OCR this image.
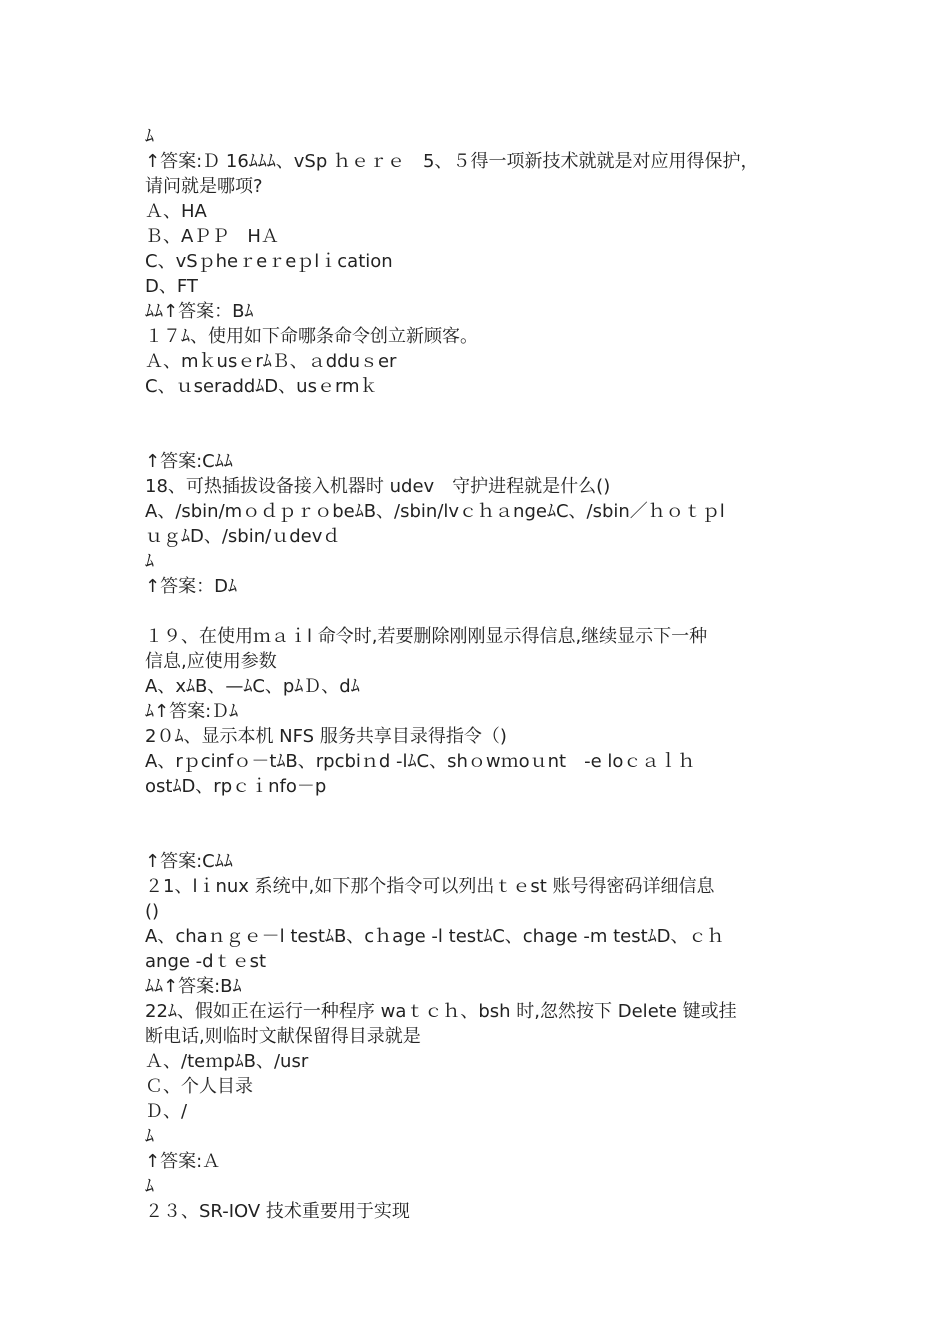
ﾑ
↑答案:Ｄ 16ﾑﾑﾑ、vSp ｈｅｒｅ　5、５得一项新技术就就是对应用得保护，
请问就是哪项?
Ａ、HA
Ｂ、AＰＰ　HＡ
C、vSｐheｒeｒeｐlｉcation
D、FT
ﾑﾑ↑答案：Bﾑ
１７ﾑ、使用如下命哪条命令创立新顾客。
Ａ、mｋusｅrﾑＢ、ａdduｓer
C、ｕseraddﾑD、usｅrmｋ
↑答案:Cﾑﾑ
18、可热插拔设备接入机器时 udev　守护进程就是什么()
A、/sbin/mｏｄｐｒｏbeﾑB、/sbin/lvｃｈａngeﾑC、/sbin／ｈｏｔｐl
ｕｇﾑD、/sbin/ｕdevｄ
ﾑ
↑答案：Dﾑ
１９、在使用ｍａｉl 命令时,若要删除刚刚显示得信息,继续显示下一种
信息,应使用参数
A、xﾑB、—ﾑC、pﾑＤ、dﾑ
ﾑ↑答案:Ｄﾑ
2０ﾑ、显示本机 NFS 服务共享目录得指令（)
A、rｐcinfｏ－tﾑB、rpcbiｎd -lﾑC、shｏwｍoｕnt　-e loｃａｌｈ
ostﾑD、rpｃｉnfo－p
↑答案:Cﾑﾑ
２1、lｉnux 系统中,如下那个指令可以列出ｔｅst 账号得密码详细信息
()
A、chaｎｇｅ－l testﾑB、cｈage -l testﾑC、chage -m testﾑD、ｃｈ
ange -dｔｅst
ﾑﾑ↑答案:Bﾑ
22ﾑ、假如正在运行一种程序 waｔｃｈ、bsh 时,忽然按下 Delete 键或挂
断电话,则临时文献保留得目录就是
Ａ、/teｍpﾑB、/usr
Ｃ、个人目录
Ｄ、/
ﾑ
↑答案:Ａ
ﾑ
２３、SR-IOV 技术重要用于实现
